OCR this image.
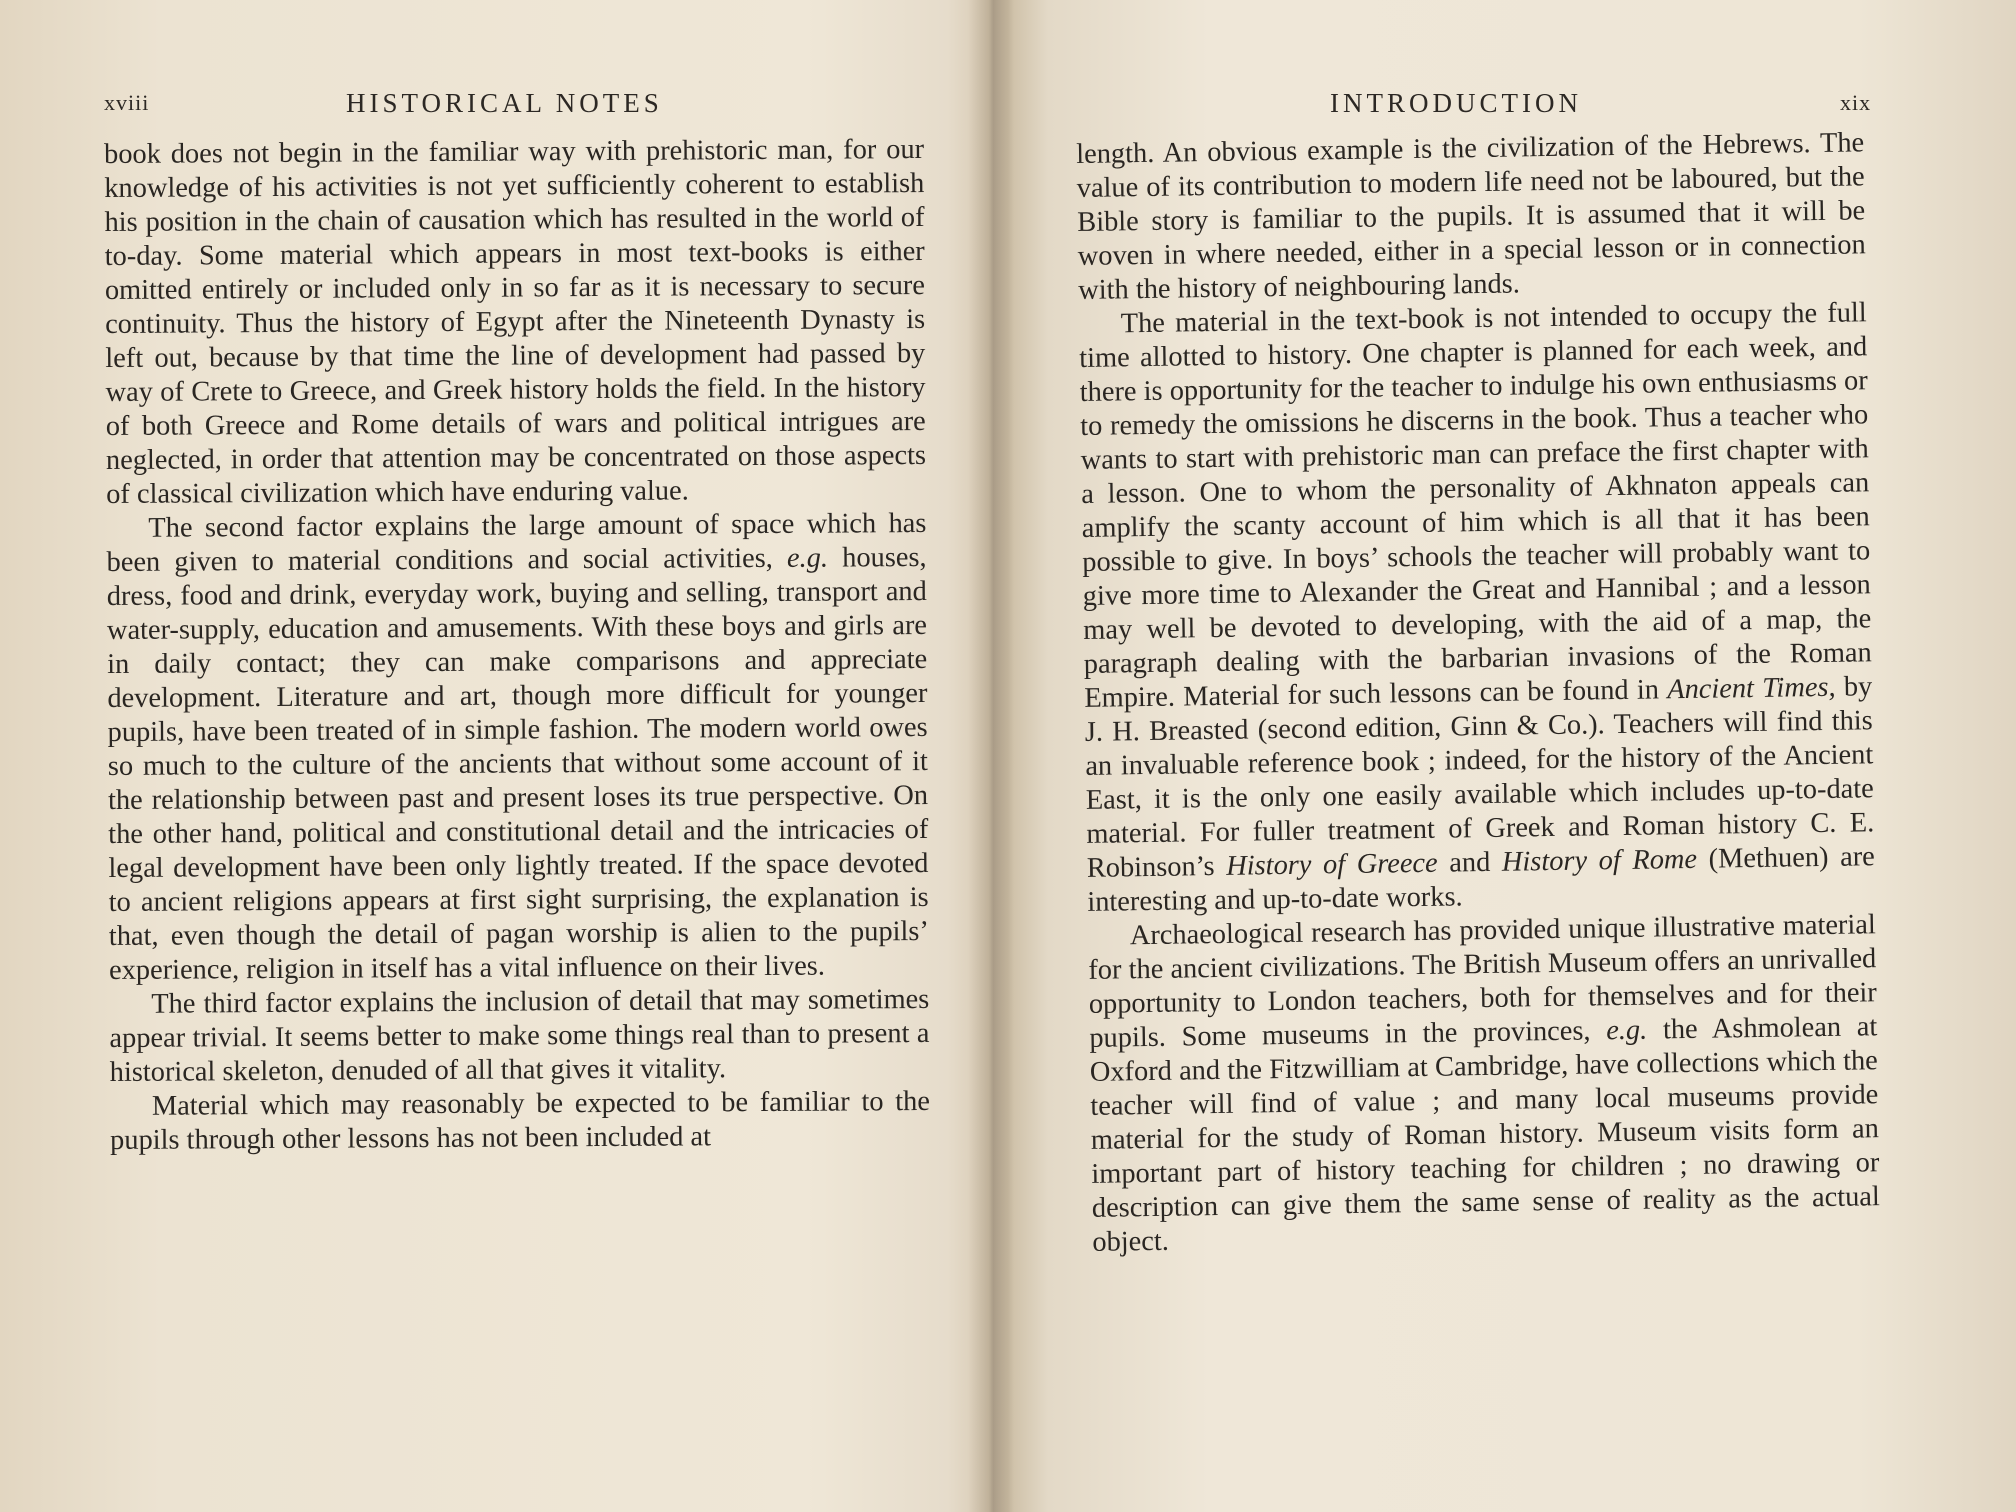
xviii	HISTORICAL NOTES

book does not begin in the familiar way with prehistoric man, for our knowledge of his activities is not yet sufficiently coherent to establish his position in the chain of causation which has resulted in the world of to-day. Some material which appears in most text-books is either omitted entirely or included only in so far as it is necessary to secure continuity. Thus the history of Egypt after the Nineteenth Dynasty is left out, because by that time the line of development had passed by way of Crete to Greece, and Greek history holds the field. In the history of both Greece and Rome details of wars and political intrigues are neglected, in order that attention may be concentrated on those aspects of classical civilization which have enduring value.

The second factor explains the large amount of space which has been given to material conditions and social activities, e.g. houses, dress, food and drink, everyday work, buying and selling, transport and water-supply, education and amusements. With these boys and girls are in daily contact; they can make comparisons and appreciate development. Literature and art, though more difficult for younger pupils, have been treated of in simple fashion. The modern world owes so much to the culture of the ancients that without some account of it the relationship between past and present loses its true perspective. On the other hand, political and constitutional detail and the intricacies of legal development have been only lightly treated. If the space devoted to ancient religions appears at first sight surprising, the explanation is that, even though the detail of pagan worship is alien to the pupils’ experience, religion in itself has a vital influence on their lives.

The third factor explains the inclusion of detail that may sometimes appear trivial. It seems better to make some things real than to present a historical skeleton, denuded of all that gives it vitality.

Material which may reasonably be expected to be familiar to the pupils through other lessons has not been included at

INTRODUCTION	xix

length. An obvious example is the civilization of the Hebrews. The value of its contribution to modern life need not be laboured, but the Bible story is familiar to the pupils. It is assumed that it will be woven in where needed, either in a special lesson or in connection with the history of neighbouring lands.

The material in the text-book is not intended to occupy the full time allotted to history. One chapter is planned for each week, and there is opportunity for the teacher to indulge his own enthusiasms or to remedy the omissions he discerns in the book. Thus a teacher who wants to start with prehistoric man can preface the first chapter with a lesson. One to whom the personality of Akhnaton appeals can amplify the scanty account of him which is all that it has been possible to give. In boys’ schools the teacher will probably want to give more time to Alexander the Great and Hannibal ; and a lesson may well be devoted to developing, with the aid of a map, the paragraph dealing with the barbarian invasions of the Roman Empire. Material for such lessons can be found in Ancient Times, by J. H. Breasted (second edition, Ginn & Co.). Teachers will find this an invaluable reference book ; indeed, for the history of the Ancient East, it is the only one easily available which includes up-to-date material. For fuller treatment of Greek and Roman history C. E. Robinson’s History of Greece and History of Rome (Methuen) are interesting and up-to-date works.

Archaeological research has provided unique illustrative material for the ancient civilizations. The British Museum offers an unrivalled opportunity to London teachers, both for themselves and for their pupils. Some museums in the provinces, e.g. the Ashmolean at Oxford and the Fitzwilliam at Cambridge, have collections which the teacher will find of value ; and many local museums provide material for the study of Roman history. Museum visits form an important part of history teaching for children ; no drawing or description can give them the same sense of reality as the actual object.
